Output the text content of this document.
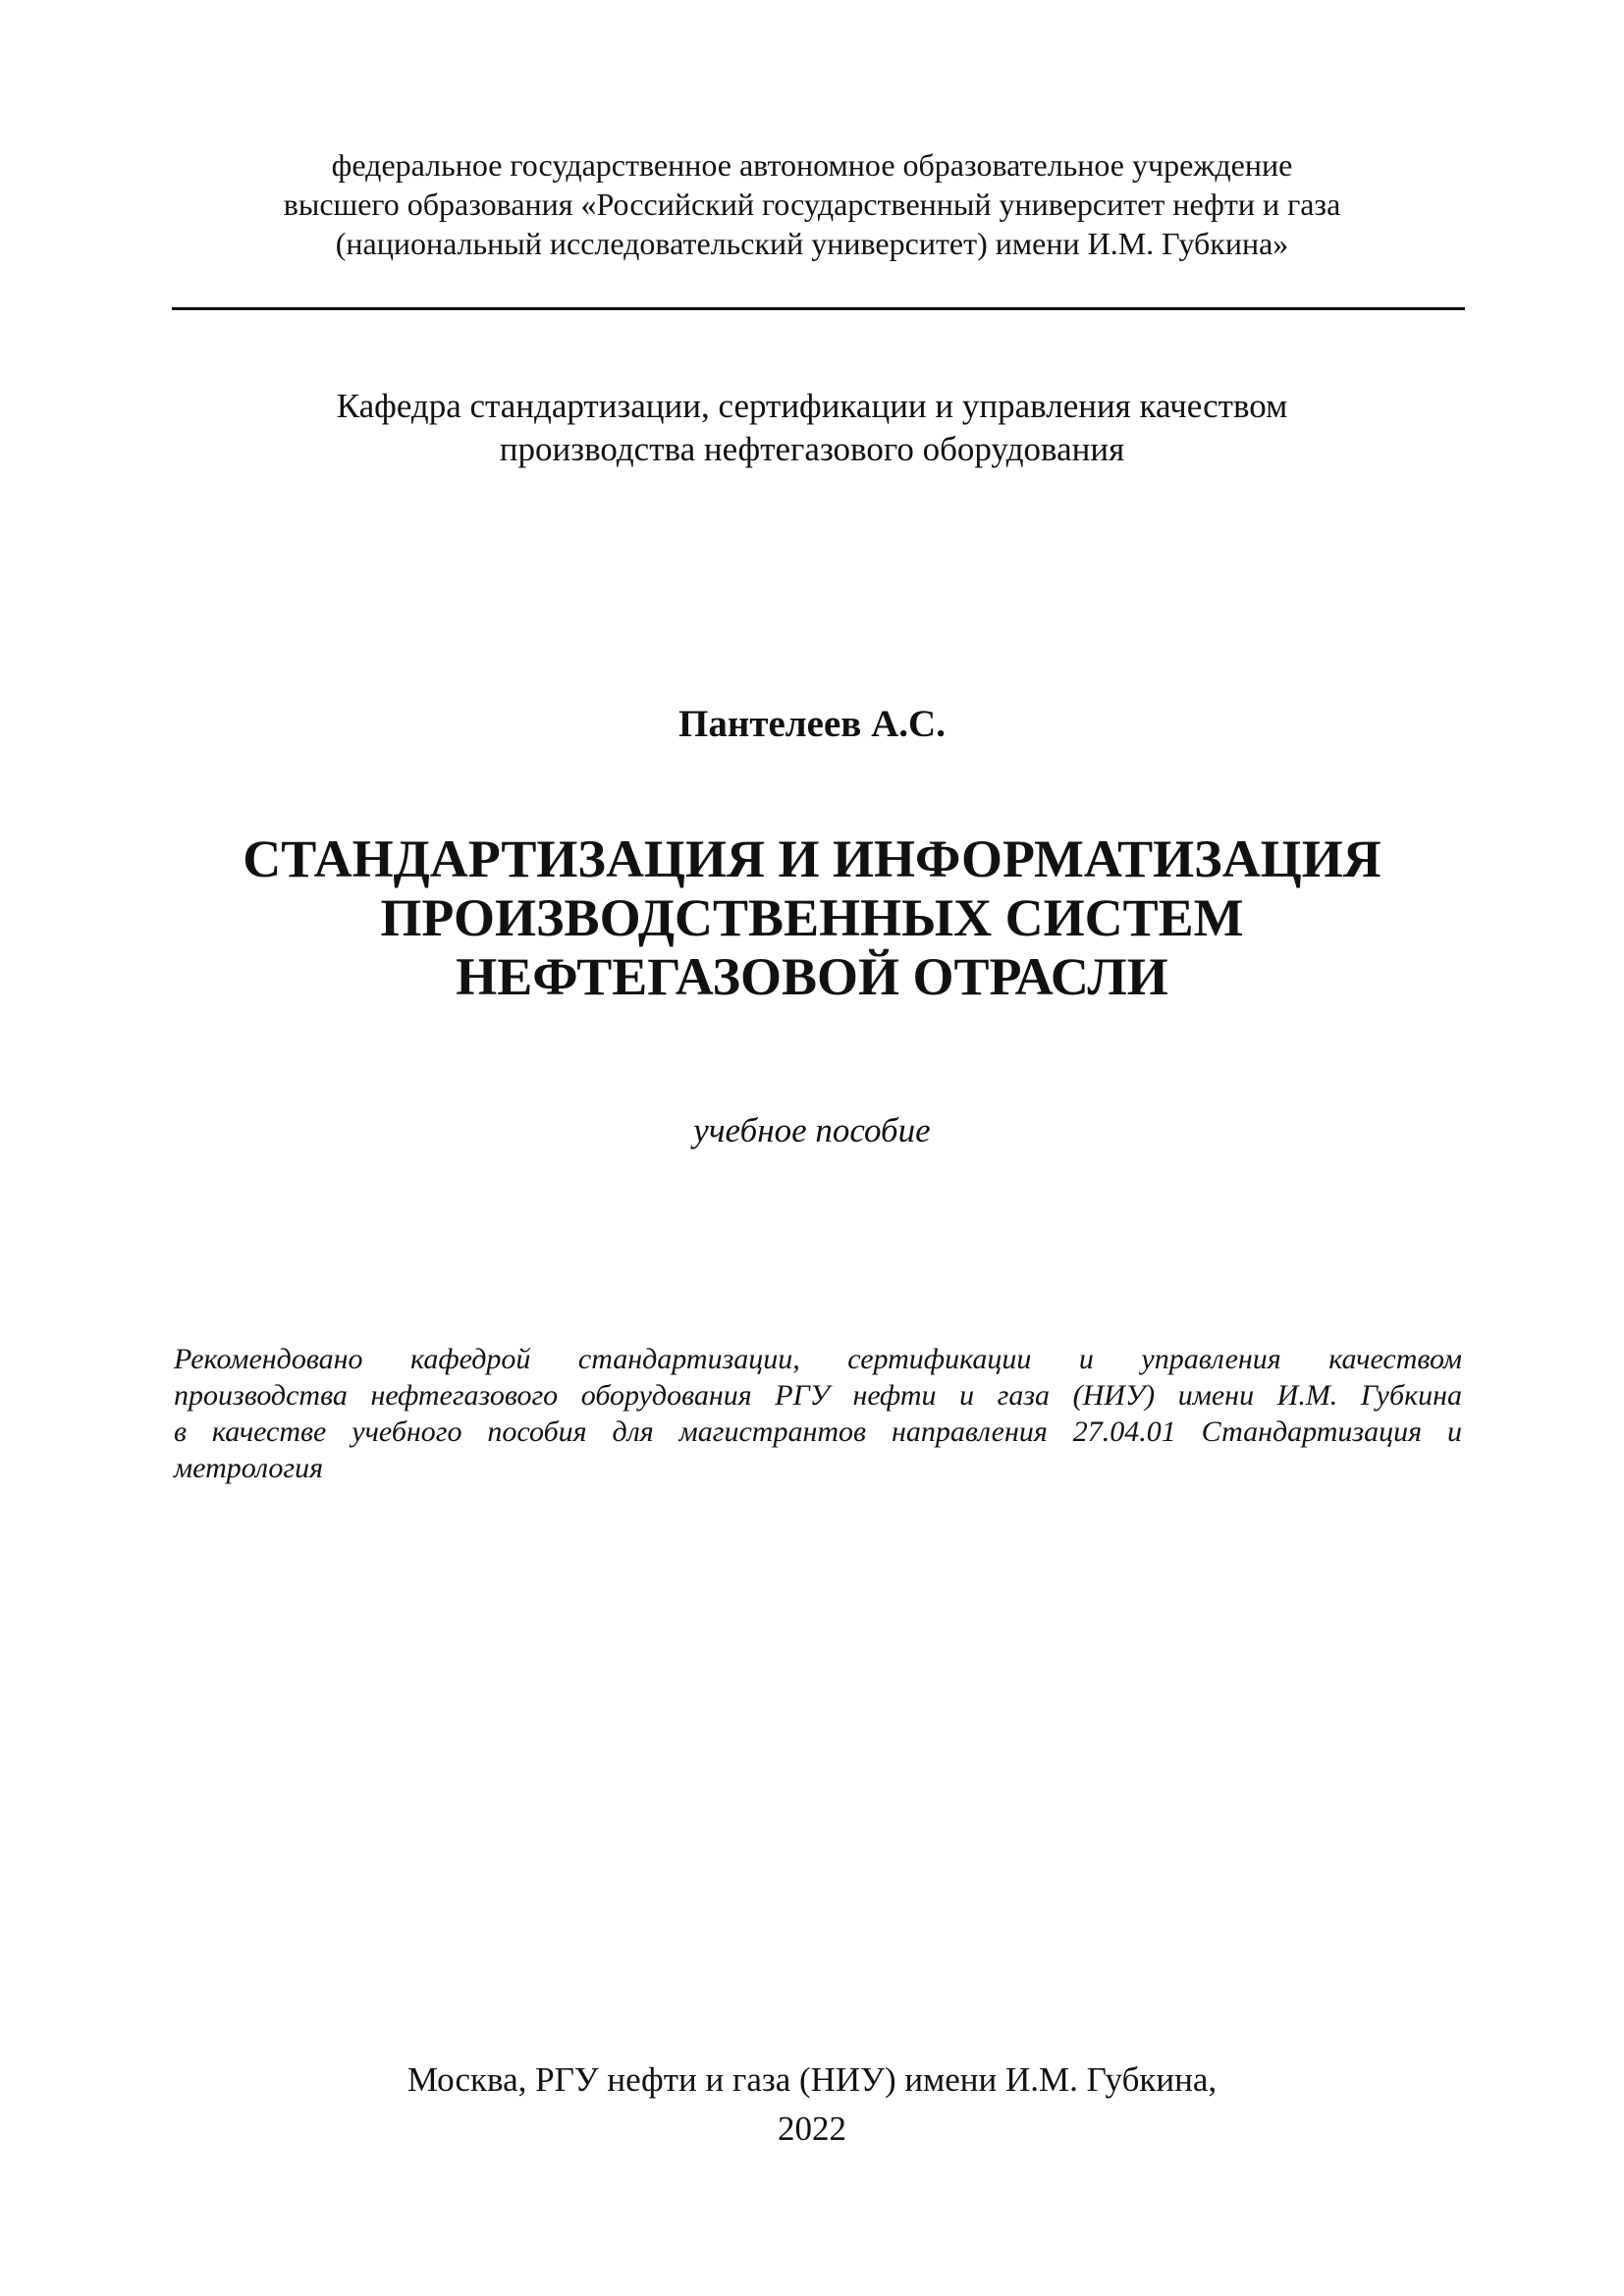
федеральное государственное автономное образовательное учреждение
высшего образования «Российский государственный университет нефти и газа
(национальный исследовательский университет) имени И.М. Губкина»
Кафедра стандартизации, сертификации и управления качеством
производства нефтегазового оборудования
Пантелеев А.С.
СТАНДАРТИЗАЦИЯ И ИНФОРМАТИЗАЦИЯ
ПРОИЗВОДСТВЕННЫХ СИСТЕМ
НЕФТЕГАЗОВОЙ ОТРАСЛИ
учебное пособие
Рекомендовано кафедрой стандартизации, сертификации и управления качеством
производства нефтегазового оборудования РГУ нефти и газа (НИУ) имени И.М. Губкина
в качестве учебного пособия для магистрантов направления 27.04.01 Стандартизация и
метрология
Москва, РГУ нефти и газа (НИУ) имени И.М. Губкина,
2022
